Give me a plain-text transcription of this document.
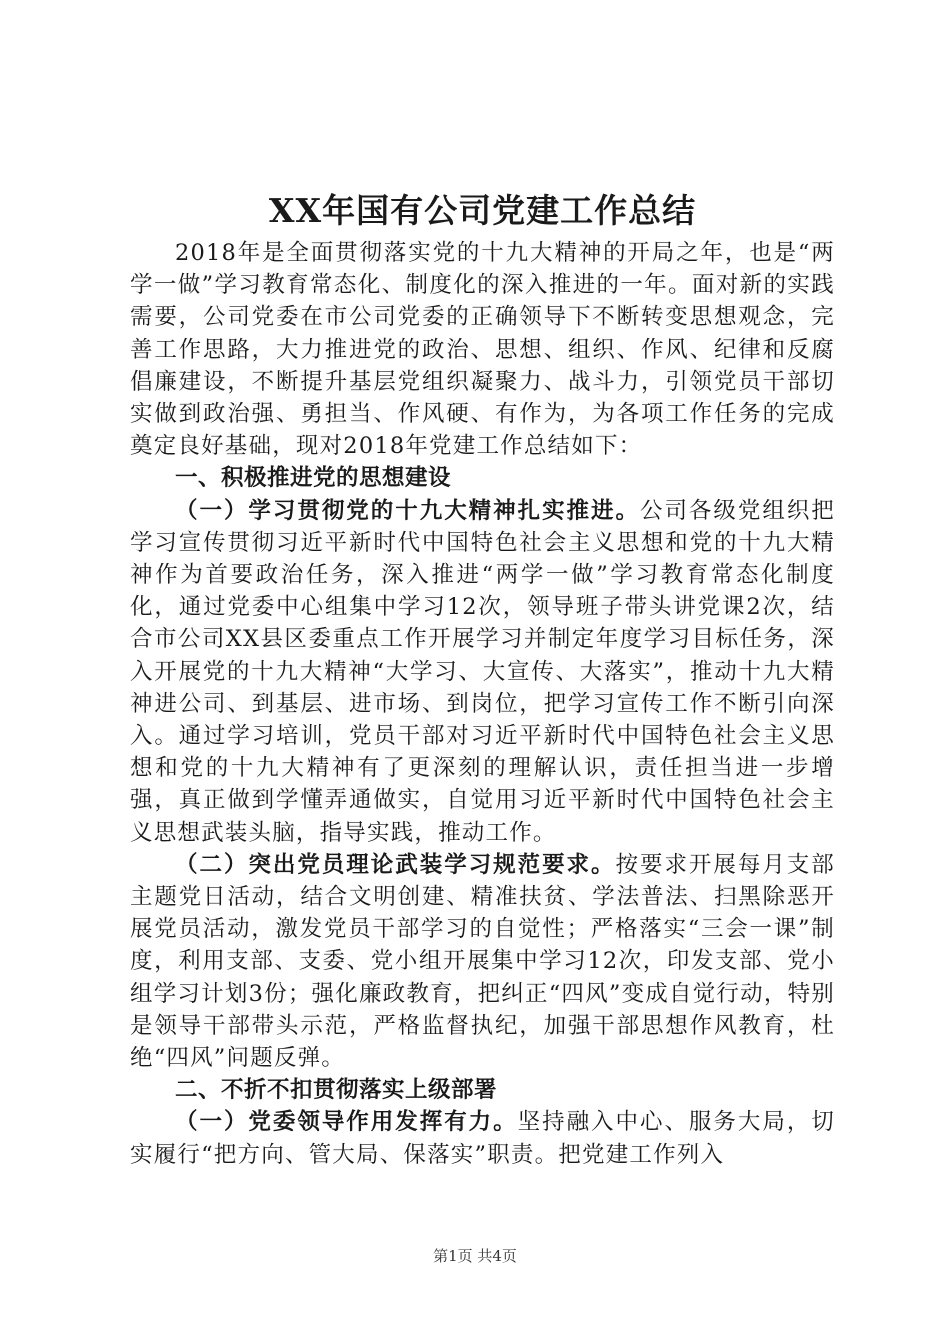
XX年国有公司党建工作总结

2018年是全面贯彻落实党的十九大精神的开局之年，也是“两学一做”学习教育常态化、制度化的深入推进的一年。面对新的实践需要，公司党委在市公司党委的正确领导下不断转变思想观念，完善工作思路，大力推进党的政治、思想、组织、作风、纪律和反腐倡廉建设，不断提升基层党组织凝聚力、战斗力，引领党员干部切实做到政治强、勇担当、作风硬、有作为，为各项工作任务的完成奠定良好基础，现对2018年党建工作总结如下：

一、积极推进党的思想建设

（一）学习贯彻党的十九大精神扎实推进。公司各级党组织把学习宣传贯彻习近平新时代中国特色社会主义思想和党的十九大精神作为首要政治任务，深入推进“两学一做”学习教育常态化制度化，通过党委中心组集中学习12次，领导班子带头讲党课2次，结合市公司XX县区委重点工作开展学习并制定年度学习目标任务，深入开展党的十九大精神“大学习、大宣传、大落实”，推动十九大精神进公司、到基层、进市场、到岗位，把学习宣传工作不断引向深入。通过学习培训，党员干部对习近平新时代中国特色社会主义思想和党的十九大精神有了更深刻的理解认识，责任担当进一步增强，真正做到学懂弄通做实，自觉用习近平新时代中国特色社会主义思想武装头脑，指导实践，推动工作。

（二）突出党员理论武装学习规范要求。按要求开展每月支部主题党日活动，结合文明创建、精准扶贫、学法普法、扫黑除恶开展党员活动，激发党员干部学习的自觉性；严格落实“三会一课”制度，利用支部、支委、党小组开展集中学习12次，印发支部、党小组学习计划3份；强化廉政教育，把纠正“四风”变成自觉行动，特别是领导干部带头示范，严格监督执纪，加强干部思想作风教育，杜绝“四风”问题反弹。

二、不折不扣贯彻落实上级部署

（一）党委领导作用发挥有力。坚持融入中心、服务大局，切实履行“把方向、管大局、保落实”职责。把党建工作列入

第1页 共4页
